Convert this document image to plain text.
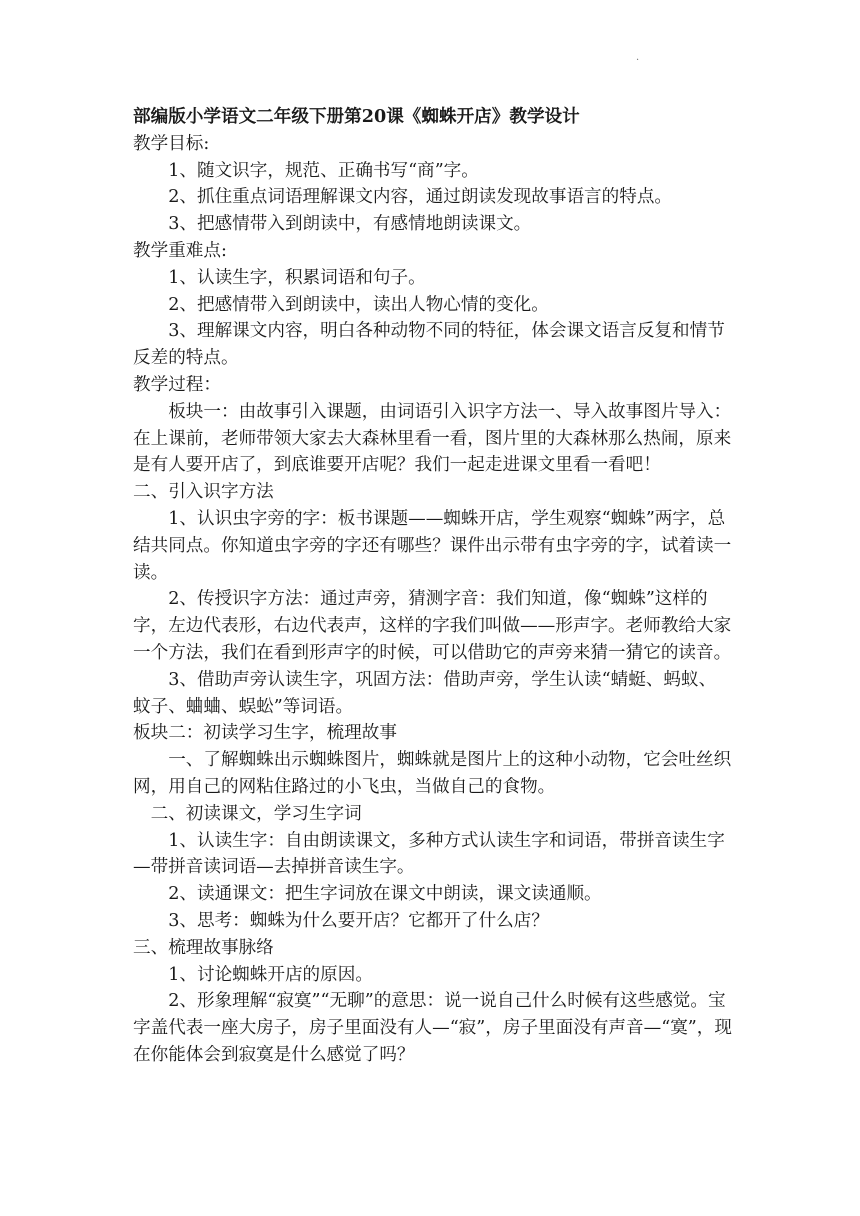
·

部编版小学语文二年级下册第20课《蜘蛛开店》教学设计

教学目标:

1、随文识字，规范、正确书写“商”字。

2、抓住重点词语理解课文内容，通过朗读发现故事语言的特点。

3、把感情带入到朗读中，有感情地朗读课文。

教学重难点:

1、认读生字，积累词语和句子。

2、把感情带入到朗读中，读出人物心情的变化。

3、理解课文内容，明白各种动物不同的特征，体会课文语言反复和情节反差的特点。

教学过程：

板块一：由故事引入课题，由词语引入识字方法一、导入故事图片导入：在上课前，老师带领大家去大森林里看一看，图片里的大森林那么热闹，原来是有人要开店了，到底谁要开店呢？我们一起走进课文里看一看吧！

二、引入识字方法

1、认识虫字旁的字：板书课题——蜘蛛开店，学生观察“蜘蛛”两字，总结共同点。你知道虫字旁的字还有哪些？课件出示带有虫字旁的字，试着读一读。

2、传授识字方法：通过声旁，猜测字音：我们知道，像“蜘蛛”这样的字，左边代表形，右边代表声，这样的字我们叫做——形声字。老师教给大家一个方法，我们在看到形声字的时候，可以借助它的声旁来猜一猜它的读音。

3、借助声旁认读生字，巩固方法：借助声旁，学生认读“蜻蜓、蚂蚁、蚊子、蛐蛐、蜈蚣”等词语。

板块二：初读学习生字，梳理故事

一、了解蜘蛛出示蜘蛛图片，蜘蛛就是图片上的这种小动物，它会吐丝织网，用自己的网粘住路过的小飞虫，当做自己的食物。

二、初读课文，学习生字词

1、认读生字：自由朗读课文，多种方式认读生字和词语，带拼音读生字—带拼音读词语—去掉拼音读生字。

2、读通课文：把生字词放在课文中朗读，课文读通顺。

3、思考：蜘蛛为什么要开店？它都开了什么店？

三、梳理故事脉络

1、讨论蜘蛛开店的原因。

2、形象理解“寂寞”“无聊”的意思：说一说自己什么时候有这些感觉。宝字盖代表一座大房子，房子里面没有人—“寂”，房子里面没有声音—“寞”，现在你能体会到寂寞是什么感觉了吗？
